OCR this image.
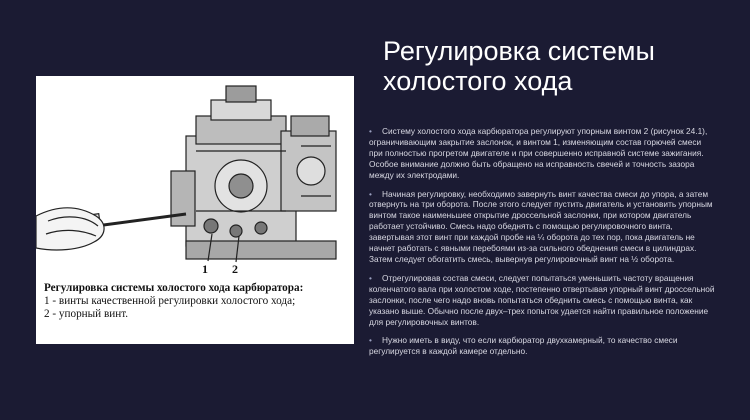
1 2
Регулировка системы холостого хода карбюратора:
1 - винты качественной регулировки холостого хода;
2 - упорный винт.
Регулировка системы
холостого хода
• Систему холостого хода карбюратора регулируют упорным винтом 2 (рисунок 24.1), ограничивающим закрытие заслонок, и винтом 1, изменяющим состав горючей смеси при полностью прогретом двигателе и при совершенно исправной системе зажигания. Особое внимание должно быть обращено на исправность свечей и точность зазора между их электродами.
• Начиная регулировку, необходимо завернуть винт качества смеси до упора, а затем отвернуть на три оборота. После этого следует пустить двигатель и установить упорным винтом такое наименьшее открытие дроссельной заслонки, при котором двигатель работает устойчиво. Смесь надо обеднять с помощью регулировочного винта, завертывая этот винт при каждой пробе на ¼ оборота до тех пор, пока двигатель не начнет работать с явными перебоями из-за сильного обеднения смеси в цилиндрах. Затем следует обогатить смесь, вывернув регулировочный винт на ½ оборота.
• Отрегулировав состав смеси, следует попытаться уменьшить частоту вращения коленчатого вала при холостом ходе, постепенно отвертывая упорный винт дроссельной заслонки, после чего надо вновь попытаться обеднить смесь с помощью винта, как указано выше. Обычно после двух–трех попыток удается найти правильное положение для регулировочных винтов.
• Нужно иметь в виду, что если карбюратор двухкамерный, то качество смеси регулируется в каждой камере отдельно.
